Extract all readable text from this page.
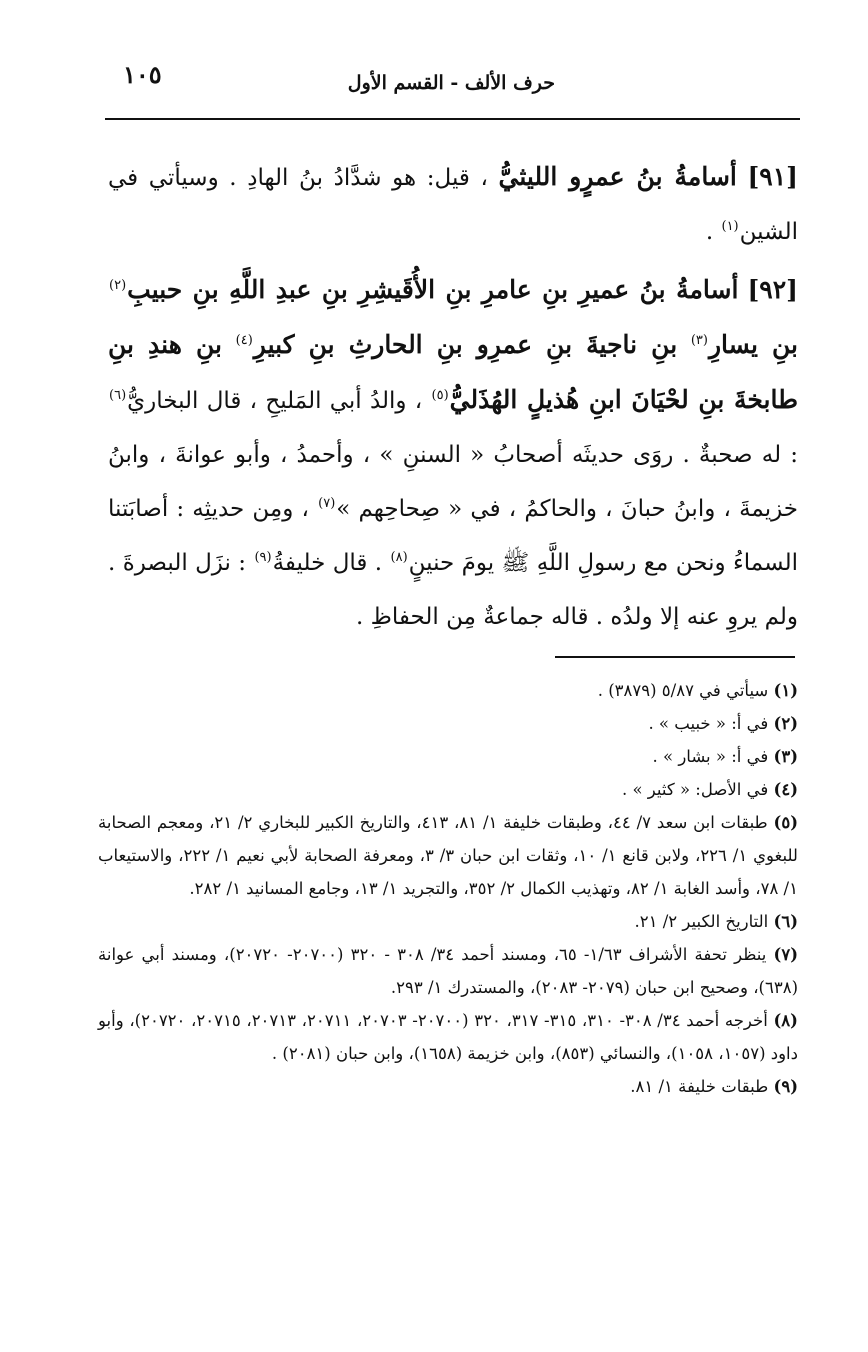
حرف الألف - القسم الأول
١٠٥

[٩١] أسامةُ بنُ عمرٍو الليثيُّ ، قيل: هو شدَّادُ بنُ الهادِ . وسيأتي في الشين$^{(١)}$ .

[٩٢] أسامةُ بنُ عميرِ بنِ عامرِ بنِ الأُقَيشِرِ بنِ عبدِ اللَّهِ بنِ حبيبِ$^{(٢)}$ بنِ يسارِ$^{(٣)}$ بنِ ناجيةَ بنِ عمرِو بنِ الحارثِ بنِ كبيرِ$^{(٤)}$ بنِ هندِ بنِ طابخةَ بنِ لحْيَانَ ابنِ هُذيلٍ الهُذَليُّ$^{(٥)}$ ، والدُ أبي المَليحِ ، قال البخاريُّ$^{(٦)}$ : له صحبةٌ . روَى حديثَه أصحابُ « السننِ » ، وأحمدُ ، وأبو عوانةَ ، وابنُ خزيمةَ ، وابنُ حبانَ ، والحاكمُ ، في « صِحاحِهم »$^{(٧)}$ ، ومِن حديثِه : أصابَتنا السماءُ ونحن مع رسولِ اللَّهِ ﷺ يومَ حنينٍ$^{(٨)}$ . قال خليفةُ$^{(٩)}$ : نزَل البصرةَ . ولم يروِ عنه إلا ولدُه . قاله جماعةٌ مِن الحفاظِ .

(١) سيأتي في ٥/٨٧ (٣٨٧٩) .
(٢) في أ: « خبيب » .
(٣) في أ: « بشار » .
(٤) في الأصل: « كثير » .
(٥) طبقات ابن سعد ٧/ ٤٤، وطبقات خليفة ١/ ٨١، ٤١٣، والتاريخ الكبير للبخاري ٢/ ٢١، ومعجم الصحابة للبغوي ١/ ٢٢٦، ولابن قانع ١/ ١٠، وثقات ابن حبان ٣/ ٣، ومعرفة الصحابة لأبي نعيم ١/ ٢٢٢، والاستيعاب ١/ ٧٨، وأسد الغابة ١/ ٨٢، وتهذيب الكمال ٢/ ٣٥٢، والتجريد ١/ ١٣، وجامع المسانيد ١/ ٢٨٢.
(٦) التاريخ الكبير ٢/ ٢١.
(٧) ينظر تحفة الأشراف ١/٦٣- ٦٥، ومسند أحمد ٣٤/ ٣٠٨ - ٣٢٠ (٢٠٧٠٠- ٢٠٧٢٠)، ومسند أبي عوانة (٦٣٨)، وصحيح ابن حبان (٢٠٧٩- ٢٠٨٣)، والمستدرك ١/ ٢٩٣.
(٨) أخرجه أحمد ٣٤/ ٣٠٨- ٣١٠، ٣١٥- ٣١٧، ٣٢٠ (٢٠٧٠٠- ٢٠٧٠٣، ٢٠٧١١، ٢٠٧١٣، ٢٠٧١٥، ٢٠٧٢٠)، وأبو داود (١٠٥٧، ١٠٥٨)، والنسائي (٨٥٣)، وابن خزيمة (١٦٥٨)، وابن حبان (٢٠٨١) .
(٩) طبقات خليفة ١/ ٨١.
